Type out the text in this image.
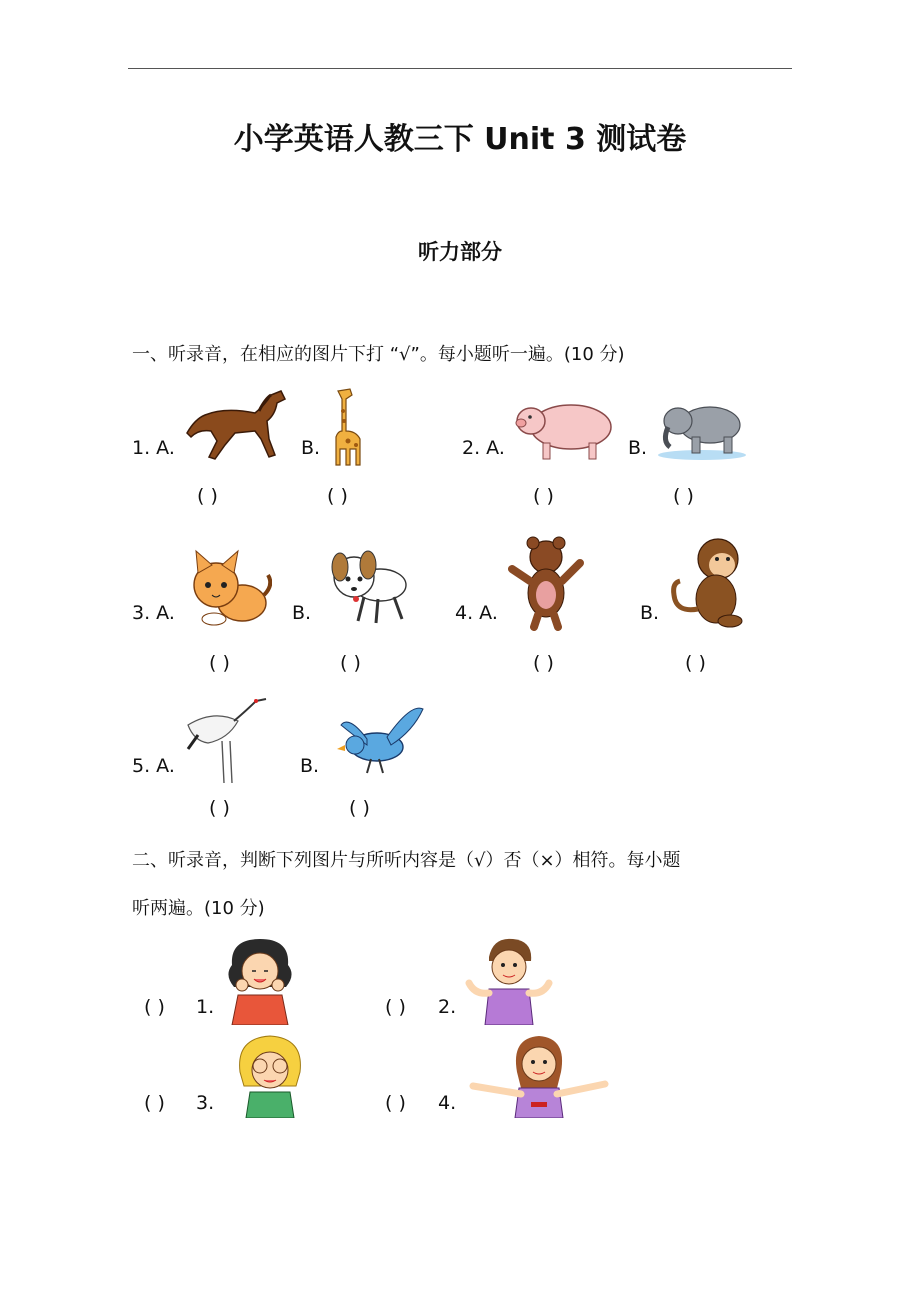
小学英语人教三下 Unit 3 测试卷
听力部分
一、听录音，在相应的图片下打 “√”。每小题听一遍。(10 分)
1. A.	B.	2. A.	B.
( )	( )	( )	( )
3. A.	B.	4. A.	B.
( )	( )	( )	( )
5. A.	B.
( )	( )
二、听录音，判断下列图片与所听内容是（√）否（×）相符。每小题
听两遍。(10 分)
( ) 1.	( ) 2.
( ) 3.	( ) 4.
